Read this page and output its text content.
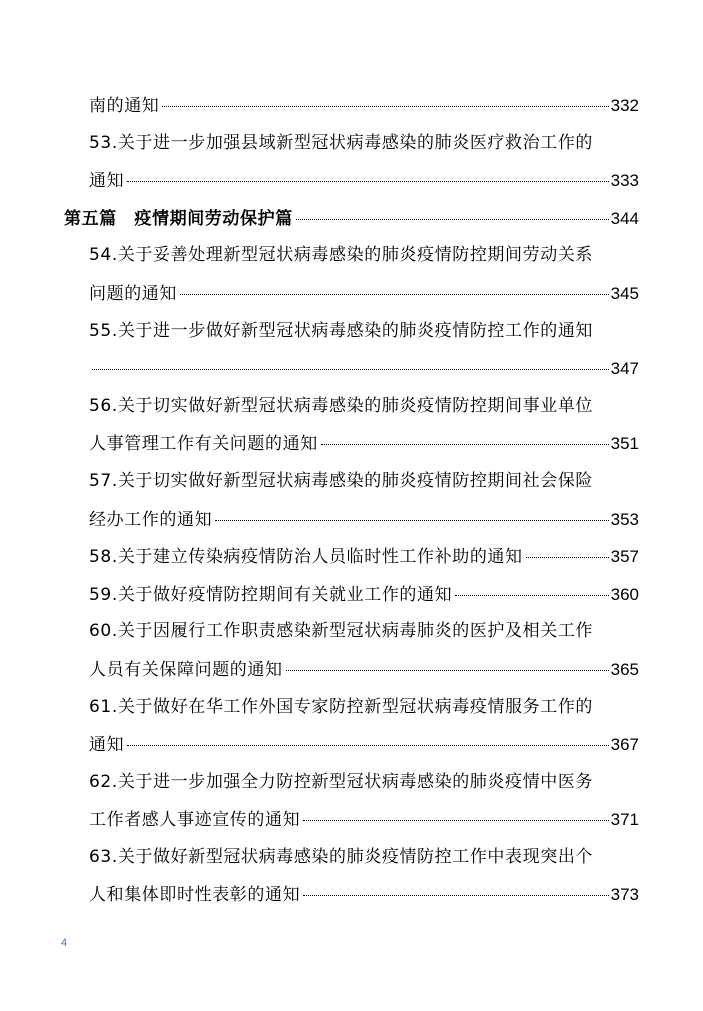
南的通知	332
53.关于进一步加强县域新型冠状病毒感染的肺炎医疗救治工作的
通知	333
第五篇　疫情期间劳动保护篇	344
54.关于妥善处理新型冠状病毒感染的肺炎疫情防控期间劳动关系
问题的通知	345
55.关于进一步做好新型冠状病毒感染的肺炎疫情防控工作的通知
347
56.关于切实做好新型冠状病毒感染的肺炎疫情防控期间事业单位
人事管理工作有关问题的通知	351
57.关于切实做好新型冠状病毒感染的肺炎疫情防控期间社会保险
经办工作的通知	353
58.关于建立传染病疫情防治人员临时性工作补助的通知	357
59.关于做好疫情防控期间有关就业工作的通知	360
60.关于因履行工作职责感染新型冠状病毒肺炎的医护及相关工作
人员有关保障问题的通知	365
61.关于做好在华工作外国专家防控新型冠状病毒疫情服务工作的
通知	367
62.关于进一步加强全力防控新型冠状病毒感染的肺炎疫情中医务
工作者感人事迹宣传的通知	371
63.关于做好新型冠状病毒感染的肺炎疫情防控工作中表现突出个
人和集体即时性表彰的通知	373
4
